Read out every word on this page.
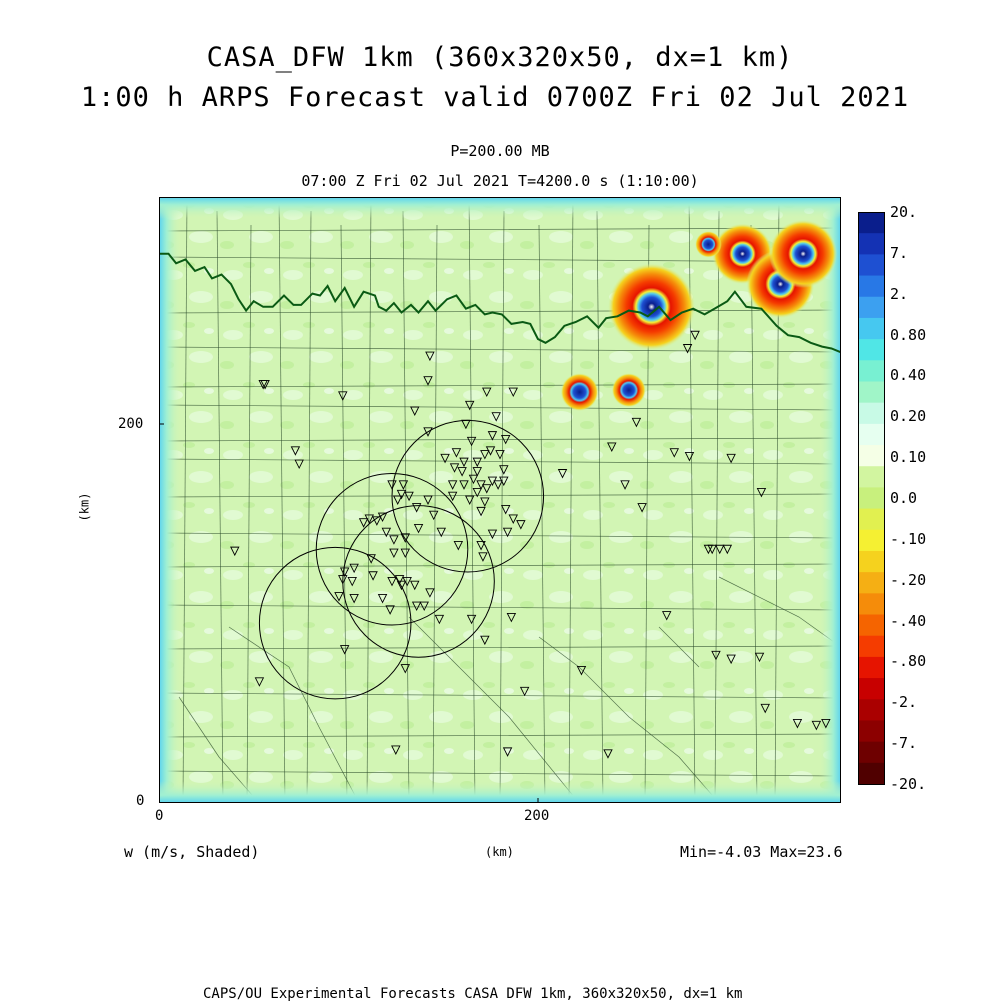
CASA_DFW 1km (360x320x50, dx=1 km)
1:00 h ARPS Forecast valid 0700Z Fri 02 Jul 2021
P=200.00 MB
07:00 Z Fri 02 Jul 2021 T=4200.0 s (1:10:00)
0
200
0	200
(km)
(km)
w (m/s, Shaded)	Min=-4.03 Max=23.6
CAPS/OU Experimental Forecasts CASA DFW 1km, 360x320x50, dx=1 km
20.
7.
2.
0.80
0.40
0.20
0.10
0.0
-.10
-.20
-.40
-.80
-2.
-7.
-20.
